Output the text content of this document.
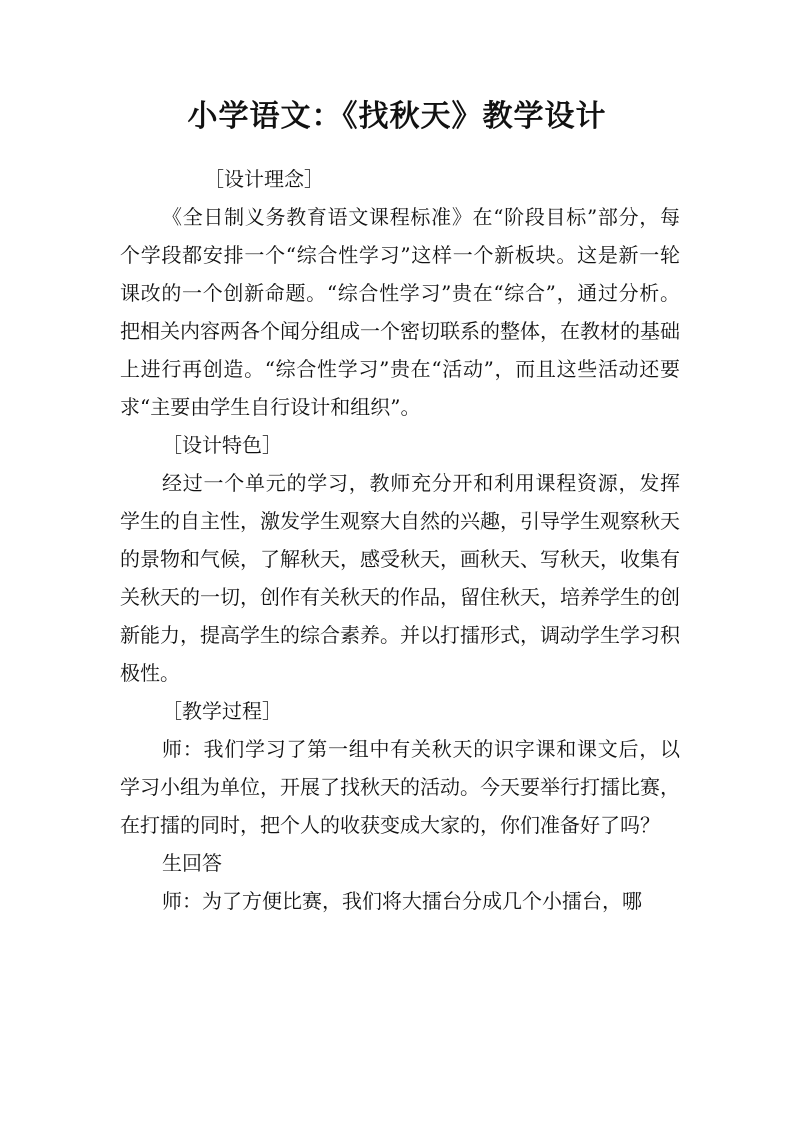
小学语文：《找秋天》教学设计

［设计理念］

《全日制义务教育语文课程标准》在“阶段目标”部分，每个学段都安排一个“综合性学习”这样一个新板块。这是新一轮课改的一个创新命题。“综合性学习”贵在“综合”，通过分析。把相关内容两各个闻分组成一个密切联系的整体，在教材的基础上进行再创造。“综合性学习”贵在“活动”，而且这些活动还要求“主要由学生自行设计和组织”。

［设计特色］

经过一个单元的学习，教师充分开和利用课程资源，发挥学生的自主性，激发学生观察大自然的兴趣，引导学生观察秋天的景物和气候，了解秋天，感受秋天，画秋天、写秋天，收集有关秋天的一切，创作有关秋天的作品，留住秋天，培养学生的创新能力，提高学生的综合素养。并以打擂形式，调动学生学习积极性。

［教学过程］

师：我们学习了第一组中有关秋天的识字课和课文后，以学习小组为单位，开展了找秋天的活动。今天要举行打擂比赛，在打擂的同时，把个人的收获变成大家的，你们准备好了吗？

生回答

师：为了方便比赛，我们将大擂台分成几个小擂台，哪
